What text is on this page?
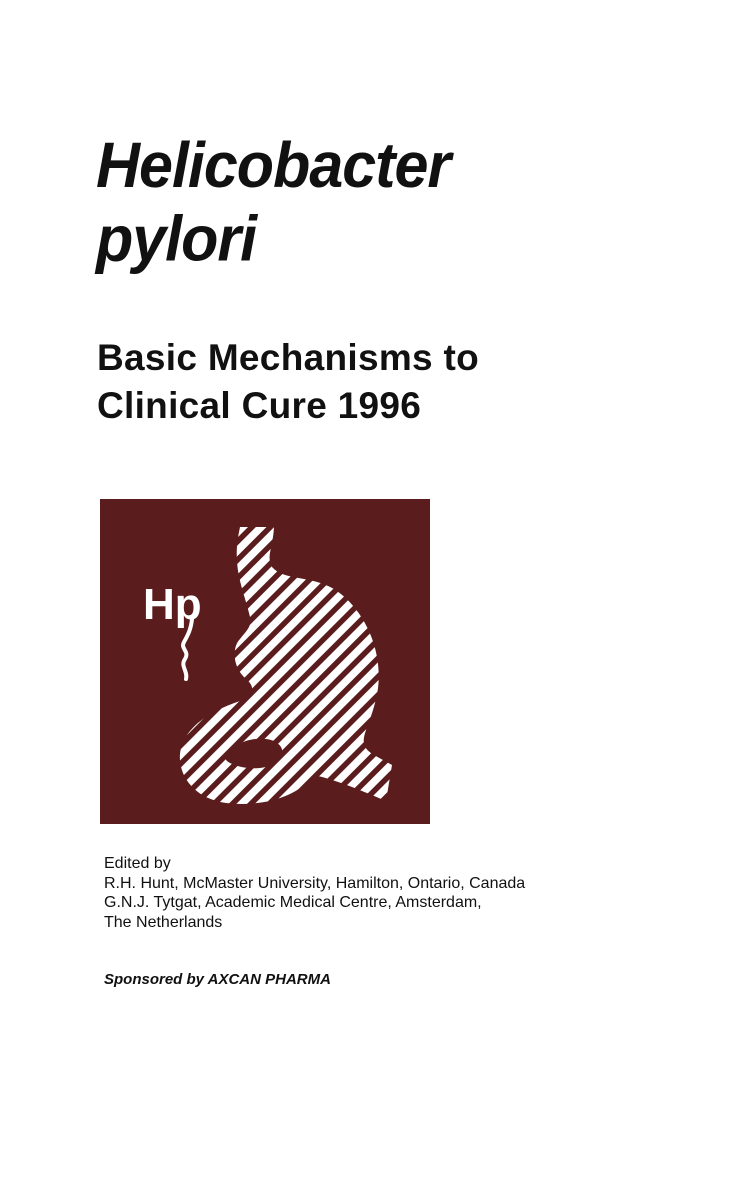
Helicobacter
pylori
Basic Mechanisms to
Clinical Cure 1996
Hp
Edited by
R.H. Hunt, McMaster University, Hamilton, Ontario, Canada
G.N.J. Tytgat, Academic Medical Centre, Amsterdam,
The Netherlands
Sponsored by AXCAN PHARMA
